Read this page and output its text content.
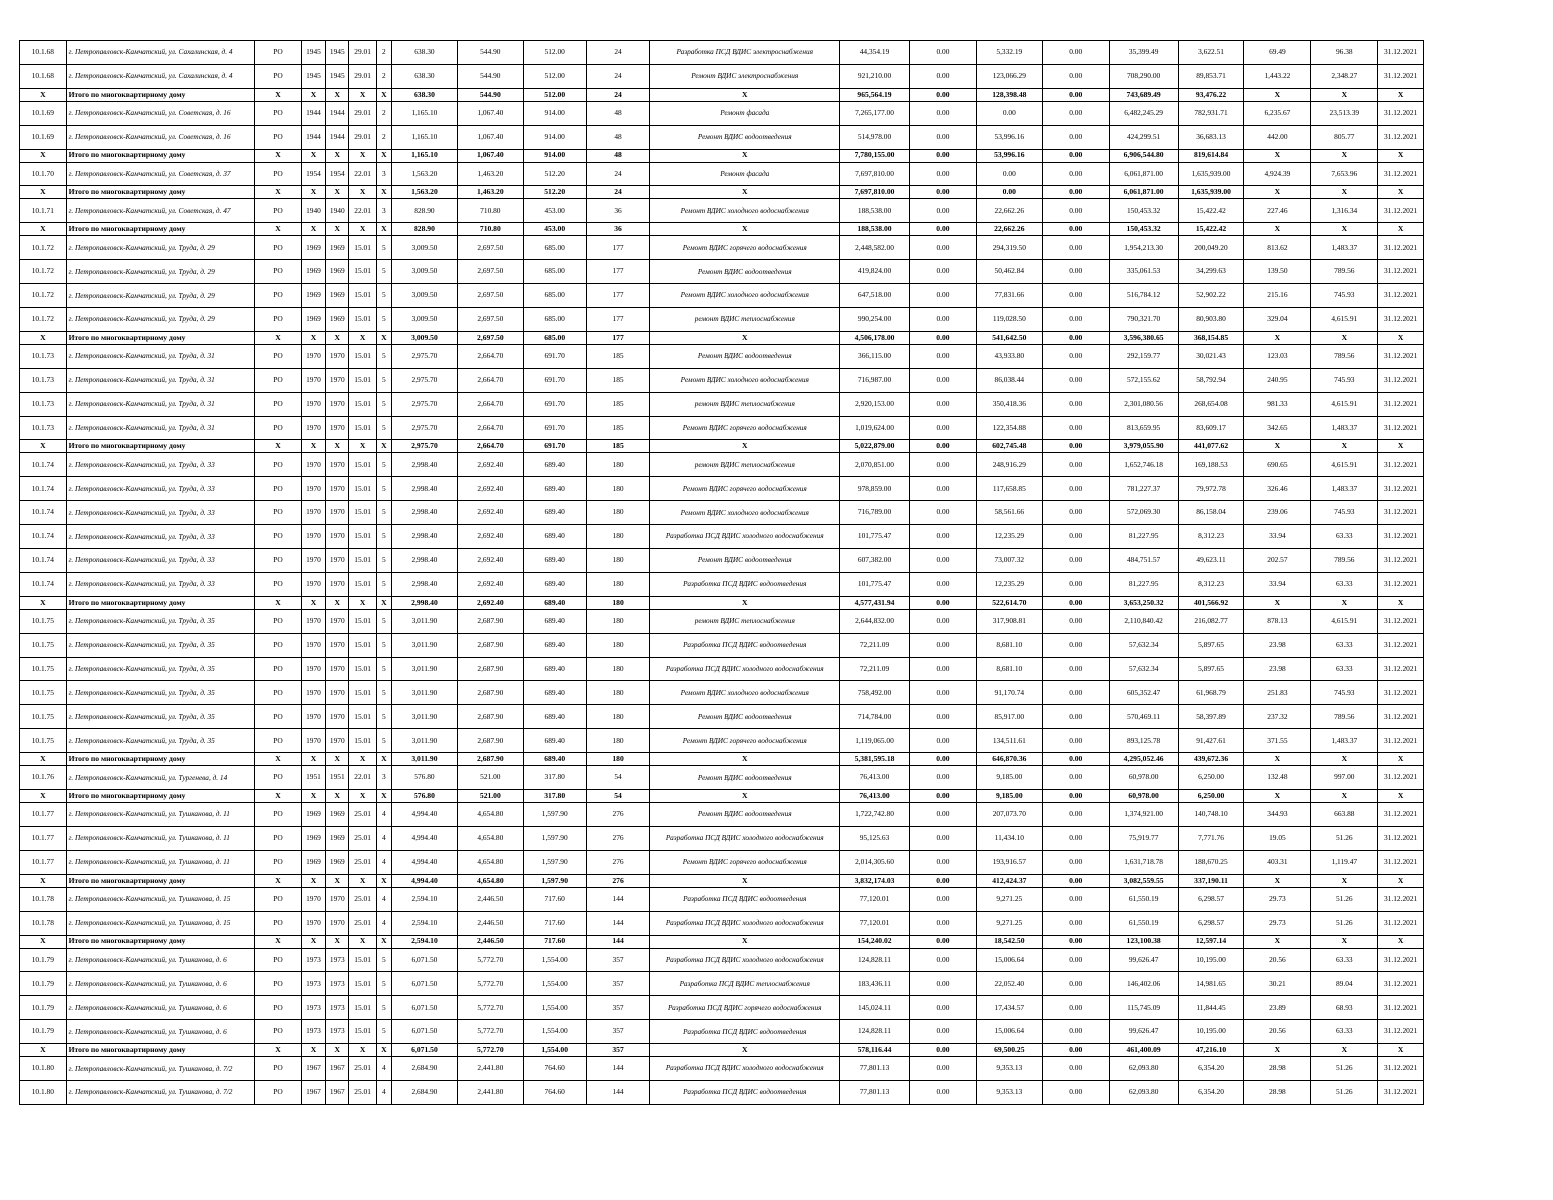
10.1.68	г. Петропавловск-Камчатский, ул. Сахалинская, д. 4	РО	1945	1945	29.01	2	638.30	544.90	512.00	24	Разработка ПСД ВДИС электроснабжения	44,354.19	0.00	5,332.19	0.00	35,399.49	3,622.51	69.49	96.38	31.12.2021
10.1.68	г. Петропавловск-Камчатский, ул. Сахалинская, д. 4	РО	1945	1945	29.01	2	638.30	544.90	512.00	24	Ремонт ВДИС электроснабжения	921,210.00	0.00	123,066.29	0.00	708,290.00	89,853.71	1,443.22	2,348.27	31.12.2021
X	Итого по многоквартирному дому	X	X	X	X	X	638.30	544.90	512.00	24	X	965,564.19	0.00	128,398.48	0.00	743,689.49	93,476.22	X	X	X
10.1.69	г. Петропавловск-Камчатский, ул. Советская, д. 16	РО	1944	1944	29.01	2	1,165.10	1,067.40	914.00	48	Ремонт фасада	7,265,177.00	0.00	0.00	0.00	6,482,245.29	782,931.71	6,235.67	23,513.39	31.12.2021
10.1.69	г. Петропавловск-Камчатский, ул. Советская, д. 16	РО	1944	1944	29.01	2	1,165.10	1,067.40	914.00	48	Ремонт ВДИС водоотведения	514,978.00	0.00	53,996.16	0.00	424,299.51	36,683.13	442.00	805.77	31.12.2021
X	Итого по многоквартирному дому	X	X	X	X	X	1,165.10	1,067.40	914.00	48	X	7,780,155.00	0.00	53,996.16	0.00	6,906,544.80	819,614.84	X	X	X
10.1.70	г. Петропавловск-Камчатский, ул. Советская, д. 37	РО	1954	1954	22.01	3	1,563.20	1,463.20	512.20	24	Ремонт фасада	7,697,810.00	0.00	0.00	0.00	6,061,871.00	1,635,939.00	4,924.39	7,653.96	31.12.2021
X	Итого по многоквартирному дому	X	X	X	X	X	1,563.20	1,463.20	512.20	24	X	7,697,810.00	0.00	0.00	0.00	6,061,871.00	1,635,939.00	X	X	X
10.1.71	г. Петропавловск-Камчатский, ул. Советская, д. 47	РО	1940	1940	22.01	3	828.90	710.80	453.00	36	Ремонт ВДИС холодного водоснабжения	188,538.00	0.00	22,662.26	0.00	150,453.32	15,422.42	227.46	1,316.34	31.12.2021
X	Итого по многоквартирному дому	X	X	X	X	X	828.90	710.80	453.00	36	X	188,538.00	0.00	22,662.26	0.00	150,453.32	15,422.42	X	X	X
10.1.72	г. Петропавловск-Камчатский, ул. Труда, д. 29	РО	1969	1969	15.01	5	3,009.50	2,697.50	685.00	177	Ремонт ВДИС горячего водоснабжения	2,448,582.00	0.00	294,319.50	0.00	1,954,213.30	200,049.20	813.62	1,483.37	31.12.2021
10.1.72	г. Петропавловск-Камчатский, ул. Труда, д. 29	РО	1969	1969	15.01	5	3,009.50	2,697.50	685.00	177	Ремонт ВДИС водоотведения	419,824.00	0.00	50,462.84	0.00	335,061.53	34,299.63	139.50	789.56	31.12.2021
10.1.72	г. Петропавловск-Камчатский, ул. Труда, д. 29	РО	1969	1969	15.01	5	3,009.50	2,697.50	685.00	177	Ремонт ВДИС холодного водоснабжения	647,518.00	0.00	77,831.66	0.00	516,784.12	52,902.22	215.16	745.93	31.12.2021
10.1.72	г. Петропавловск-Камчатский, ул. Труда, д. 29	РО	1969	1969	15.01	5	3,009.50	2,697.50	685.00	177	ремонт ВДИС теплоснабжения	990,254.00	0.00	119,028.50	0.00	790,321.70	80,903.80	329.04	4,615.91	31.12.2021
X	Итого по многоквартирному дому	X	X	X	X	X	3,009.50	2,697.50	685.00	177	X	4,506,178.00	0.00	541,642.50	0.00	3,596,380.65	368,154.85	X	X	X
10.1.73	г. Петропавловск-Камчатский, ул. Труда, д. 31	РО	1970	1970	15.01	5	2,975.70	2,664.70	691.70	185	Ремонт ВДИС водоотведения	366,115.00	0.00	43,933.80	0.00	292,159.77	30,021.43	123.03	789.56	31.12.2021
10.1.73	г. Петропавловск-Камчатский, ул. Труда, д. 31	РО	1970	1970	15.01	5	2,975.70	2,664.70	691.70	185	Ремонт ВДИС холодного водоснабжения	716,987.00	0.00	86,038.44	0.00	572,155.62	58,792.94	240.95	745.93	31.12.2021
10.1.73	г. Петропавловск-Камчатский, ул. Труда, д. 31	РО	1970	1970	15.01	5	2,975.70	2,664.70	691.70	185	ремонт ВДИС теплоснабжения	2,920,153.00	0.00	350,418.36	0.00	2,301,080.56	268,654.08	981.33	4,615.91	31.12.2021
10.1.73	г. Петропавловск-Камчатский, ул. Труда, д. 31	РО	1970	1970	15.01	5	2,975.70	2,664.70	691.70	185	Ремонт ВДИС горячего водоснабжения	1,019,624.00	0.00	122,354.88	0.00	813,659.95	83,609.17	342.65	1,483.37	31.12.2021
X	Итого по многоквартирному дому	X	X	X	X	X	2,975.70	2,664.70	691.70	185	X	5,022,879.00	0.00	602,745.48	0.00	3,979,055.90	441,077.62	X	X	X
10.1.74	г. Петропавловск-Камчатский, ул. Труда, д. 33	РО	1970	1970	15.01	5	2,998.40	2,692.40	689.40	180	ремонт ВДИС теплоснабжения	2,070,851.00	0.00	248,916.29	0.00	1,652,746.18	169,188.53	690.65	4,615.91	31.12.2021
10.1.74	г. Петропавловск-Камчатский, ул. Труда, д. 33	РО	1970	1970	15.01	5	2,998.40	2,692.40	689.40	180	Ремонт ВДИС горячего водоснабжения	978,859.00	0.00	117,658.85	0.00	781,227.37	79,972.78	326.46	1,483.37	31.12.2021
10.1.74	г. Петропавловск-Камчатский, ул. Труда, д. 33	РО	1970	1970	15.01	5	2,998.40	2,692.40	689.40	180	Ремонт ВДИС холодного водоснабжения	716,789.00	0.00	58,561.66	0.00	572,069.30	86,158.04	239.06	745.93	31.12.2021
10.1.74	г. Петропавловск-Камчатский, ул. Труда, д. 33	РО	1970	1970	15.01	5	2,998.40	2,692.40	689.40	180	Разработка ПСД ВДИС холодного водоснабжения	101,775.47	0.00	12,235.29	0.00	81,227.95	8,312.23	33.94	63.33	31.12.2021
10.1.74	г. Петропавловск-Камчатский, ул. Труда, д. 33	РО	1970	1970	15.01	5	2,998.40	2,692.40	689.40	180	Ремонт ВДИС водоотведения	607,382.00	0.00	73,007.32	0.00	484,751.57	49,623.11	202.57	789.56	31.12.2021
10.1.74	г. Петропавловск-Камчатский, ул. Труда, д. 33	РО	1970	1970	15.01	5	2,998.40	2,692.40	689.40	180	Разработка ПСД ВДИС водоотведения	101,775.47	0.00	12,235.29	0.00	81,227.95	8,312.23	33.94	63.33	31.12.2021
X	Итого по многоквартирному дому	X	X	X	X	X	2,998.40	2,692.40	689.40	180	X	4,577,431.94	0.00	522,614.70	0.00	3,653,250.32	401,566.92	X	X	X
10.1.75	г. Петропавловск-Камчатский, ул. Труда, д. 35	РО	1970	1970	15.01	5	3,011.90	2,687.90	689.40	180	ремонт ВДИС теплоснабжения	2,644,832.00	0.00	317,908.81	0.00	2,110,840.42	216,082.77	878.13	4,615.91	31.12.2021
10.1.75	г. Петропавловск-Камчатский, ул. Труда, д. 35	РО	1970	1970	15.01	5	3,011.90	2,687.90	689.40	180	Разработка ПСД ВДИС водоотведения	72,211.09	0.00	8,681.10	0.00	57,632.34	5,897.65	23.98	63.33	31.12.2021
10.1.75	г. Петропавловск-Камчатский, ул. Труда, д. 35	РО	1970	1970	15.01	5	3,011.90	2,687.90	689.40	180	Разработка ПСД ВДИС холодного водоснабжения	72,211.09	0.00	8,681.10	0.00	57,632.34	5,897.65	23.98	63.33	31.12.2021
10.1.75	г. Петропавловск-Камчатский, ул. Труда, д. 35	РО	1970	1970	15.01	5	3,011.90	2,687.90	689.40	180	Ремонт ВДИС холодного водоснабжения	758,492.00	0.00	91,170.74	0.00	605,352.47	61,968.79	251.83	745.93	31.12.2021
10.1.75	г. Петропавловск-Камчатский, ул. Труда, д. 35	РО	1970	1970	15.01	5	3,011.90	2,687.90	689.40	180	Ремонт ВДИС водоотведения	714,784.00	0.00	85,917.00	0.00	570,469.11	58,397.89	237.32	789.56	31.12.2021
10.1.75	г. Петропавловск-Камчатский, ул. Труда, д. 35	РО	1970	1970	15.01	5	3,011.90	2,687.90	689.40	180	Ремонт ВДИС горячего водоснабжения	1,119,065.00	0.00	134,511.61	0.00	893,125.78	91,427.61	371.55	1,483.37	31.12.2021
X	Итого по многоквартирному дому	X	X	X	X	X	3,011.90	2,687.90	689.40	180	X	5,381,595.18	0.00	646,870.36	0.00	4,295,052.46	439,672.36	X	X	X
10.1.76	г. Петропавловск-Камчатский, ул. Тургенева, д. 14	РО	1951	1951	22.01	3	576.80	521.00	317.80	54	Ремонт ВДИС водоотведения	76,413.00	0.00	9,185.00	0.00	60,978.00	6,250.00	132.48	997.00	31.12.2021
X	Итого по многоквартирному дому	X	X	X	X	X	576.80	521.00	317.80	54	X	76,413.00	0.00	9,185.00	0.00	60,978.00	6,250.00	X	X	X
10.1.77	г. Петропавловск-Камчатский, ул. Тушканова, д. 11	РО	1969	1969	25.01	4	4,994.40	4,654.80	1,597.90	276	Ремонт ВДИС водоотведения	1,722,742.80	0.00	207,073.70	0.00	1,374,921.00	140,748.10	344.93	663.88	31.12.2021
10.1.77	г. Петропавловск-Камчатский, ул. Тушканова, д. 11	РО	1969	1969	25.01	4	4,994.40	4,654.80	1,597.90	276	Разработка ПСД ВДИС холодного водоснабжения	95,125.63	0.00	11,434.10	0.00	75,919.77	7,771.76	19.05	51.26	31.12.2021
10.1.77	г. Петропавловск-Камчатский, ул. Тушканова, д. 11	РО	1969	1969	25.01	4	4,994.40	4,654.80	1,597.90	276	Ремонт ВДИС горячего водоснабжения	2,014,305.60	0.00	193,916.57	0.00	1,631,718.78	188,670.25	403.31	1,119.47	31.12.2021
X	Итого по многоквартирному дому	X	X	X	X	X	4,994.40	4,654.80	1,597.90	276	X	3,832,174.03	0.00	412,424.37	0.00	3,082,559.55	337,190.11	X	X	X
10.1.78	г. Петропавловск-Камчатский, ул. Тушканова, д. 15	РО	1970	1970	25.01	4	2,594.10	2,446.50	717.60	144	Разработка ПСД ВДИС водоотведения	77,120.01	0.00	9,271.25	0.00	61,550.19	6,298.57	29.73	51.26	31.12.2021
10.1.78	г. Петропавловск-Камчатский, ул. Тушканова, д. 15	РО	1970	1970	25.01	4	2,594.10	2,446.50	717.60	144	Разработка ПСД ВДИС холодного водоснабжения	77,120.01	0.00	9,271.25	0.00	61,550.19	6,298.57	29.73	51.26	31.12.2021
X	Итого по многоквартирному дому	X	X	X	X	X	2,594.10	2,446.50	717.60	144	X	154,240.02	0.00	18,542.50	0.00	123,100.38	12,597.14	X	X	X
10.1.79	г. Петропавловск-Камчатский, ул. Тушканова, д. 6	РО	1973	1973	15.01	5	6,071.50	5,772.70	1,554.00	357	Разработка ПСД ВДИС холодного водоснабжения	124,828.11	0.00	15,006.64	0.00	99,626.47	10,195.00	20.56	63.33	31.12.2021
10.1.79	г. Петропавловск-Камчатский, ул. Тушканова, д. 6	РО	1973	1973	15.01	5	6,071.50	5,772.70	1,554.00	357	Разработка ПСД ВДИС теплоснабжения	183,436.11	0.00	22,052.40	0.00	146,402.06	14,981.65	30.21	89.04	31.12.2021
10.1.79	г. Петропавловск-Камчатский, ул. Тушканова, д. 6	РО	1973	1973	15.01	5	6,071.50	5,772.70	1,554.00	357	Разработка ПСД ВДИС горячего водоснабжения	145,024.11	0.00	17,434.57	0.00	115,745.09	11,844.45	23.89	68.93	31.12.2021
10.1.79	г. Петропавловск-Камчатский, ул. Тушканова, д. 6	РО	1973	1973	15.01	5	6,071.50	5,772.70	1,554.00	357	Разработка ПСД ВДИС водоотведения	124,828.11	0.00	15,006.64	0.00	99,626.47	10,195.00	20.56	63.33	31.12.2021
X	Итого по многоквартирному дому	X	X	X	X	X	6,071.50	5,772.70	1,554.00	357	X	578,116.44	0.00	69,500.25	0.00	461,400.09	47,216.10	X	X	X
10.1.80	г. Петропавловск-Камчатский, ул. Тушканова, д. 7/2	РО	1967	1967	25.01	4	2,684.90	2,441.80	764.60	144	Разработка ПСД ВДИС холодного водоснабжения	77,801.13	0.00	9,353.13	0.00	62,093.80	6,354.20	28.98	51.26	31.12.2021
10.1.80	г. Петропавловск-Камчатский, ул. Тушканова, д. 7/2	РО	1967	1967	25.01	4	2,684.90	2,441.80	764.60	144	Разработка ПСД ВДИС водоотведения	77,801.13	0.00	9,353.13	0.00	62,093.80	6,354.20	28.98	51.26	31.12.2021
